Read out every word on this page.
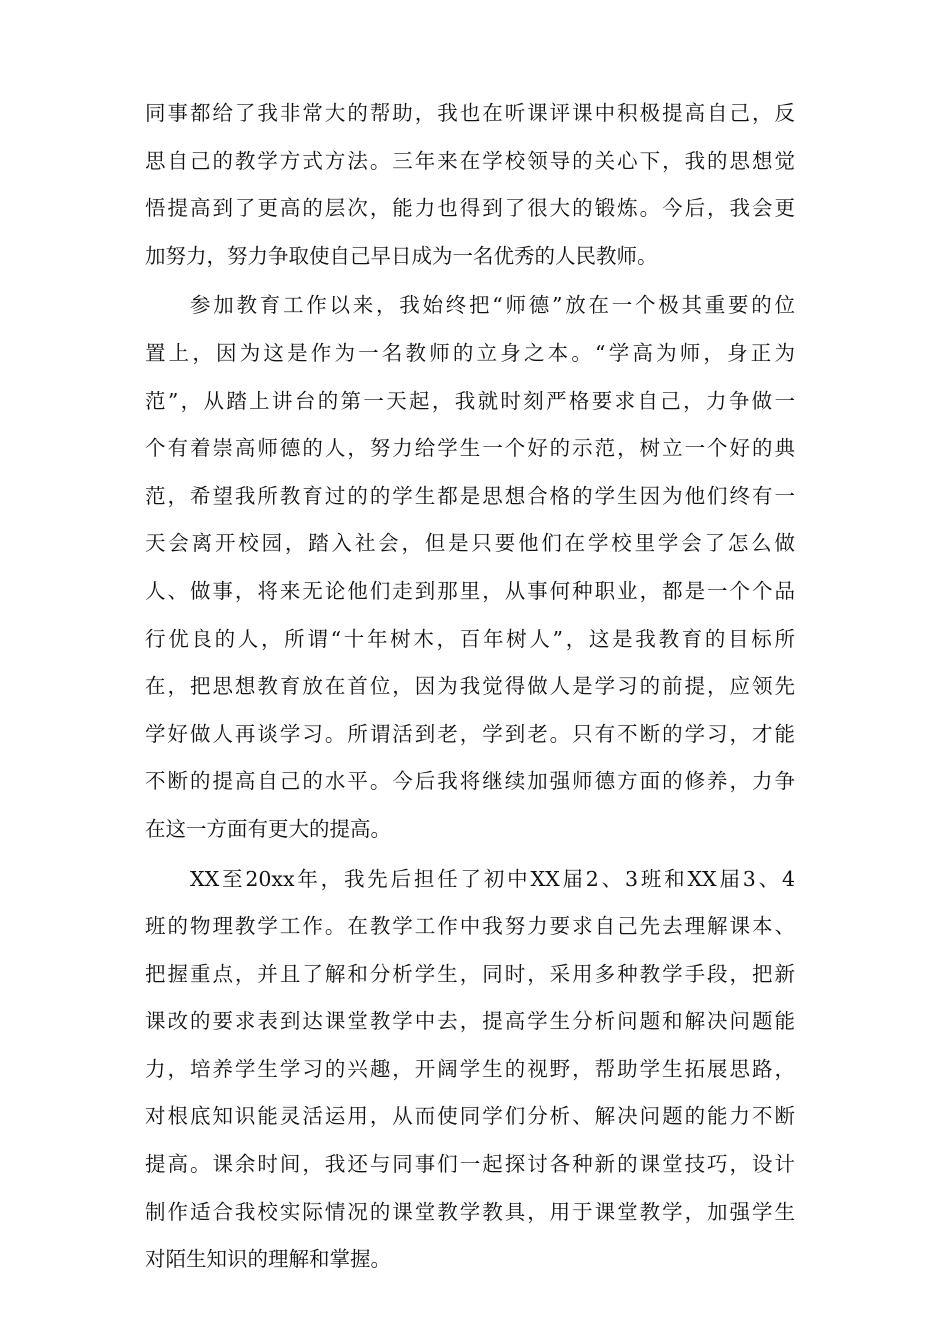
同事都给了我非常大的帮助，我也在听课评课中积极提高自己，反
思自己的教学方式方法。三年来在学校领导的关心下，我的思想觉
悟提高到了更高的层次，能力也得到了很大的锻炼。今后，我会更
加努力，努力争取使自己早日成为一名优秀的人民教师。
参加教育工作以来，我始终把“师德”放在一个极其重要的位
置上，因为这是作为一名教师的立身之本。“学高为师，身正为
范”，从踏上讲台的第一天起，我就时刻严格要求自己，力争做一
个有着崇高师德的人，努力给学生一个好的示范，树立一个好的典
范，希望我所教育过的的学生都是思想合格的学生因为他们终有一
天会离开校园，踏入社会，但是只要他们在学校里学会了怎么做
人、做事，将来无论他们走到那里，从事何种职业，都是一个个品
行优良的人，所谓“十年树木，百年树人”，这是我教育的目标所
在，把思想教育放在首位，因为我觉得做人是学习的前提，应领先
学好做人再谈学习。所谓活到老，学到老。只有不断的学习，才能
不断的提高自己的水平。今后我将继续加强师德方面的修养，力争
在这一方面有更大的提高。
XX至20xx年，我先后担任了初中XX届2、3班和XX届3、4
班的物理教学工作。在教学工作中我努力要求自己先去理解课本、
把握重点，并且了解和分析学生，同时，采用多种教学手段，把新
课改的要求表到达课堂教学中去，提高学生分析问题和解决问题能
力，培养学生学习的兴趣，开阔学生的视野，帮助学生拓展思路，
对根底知识能灵活运用，从而使同学们分析、解决问题的能力不断
提高。课余时间，我还与同事们一起探讨各种新的课堂技巧，设计
制作适合我校实际情况的课堂教学教具，用于课堂教学，加强学生
对陌生知识的理解和掌握。
